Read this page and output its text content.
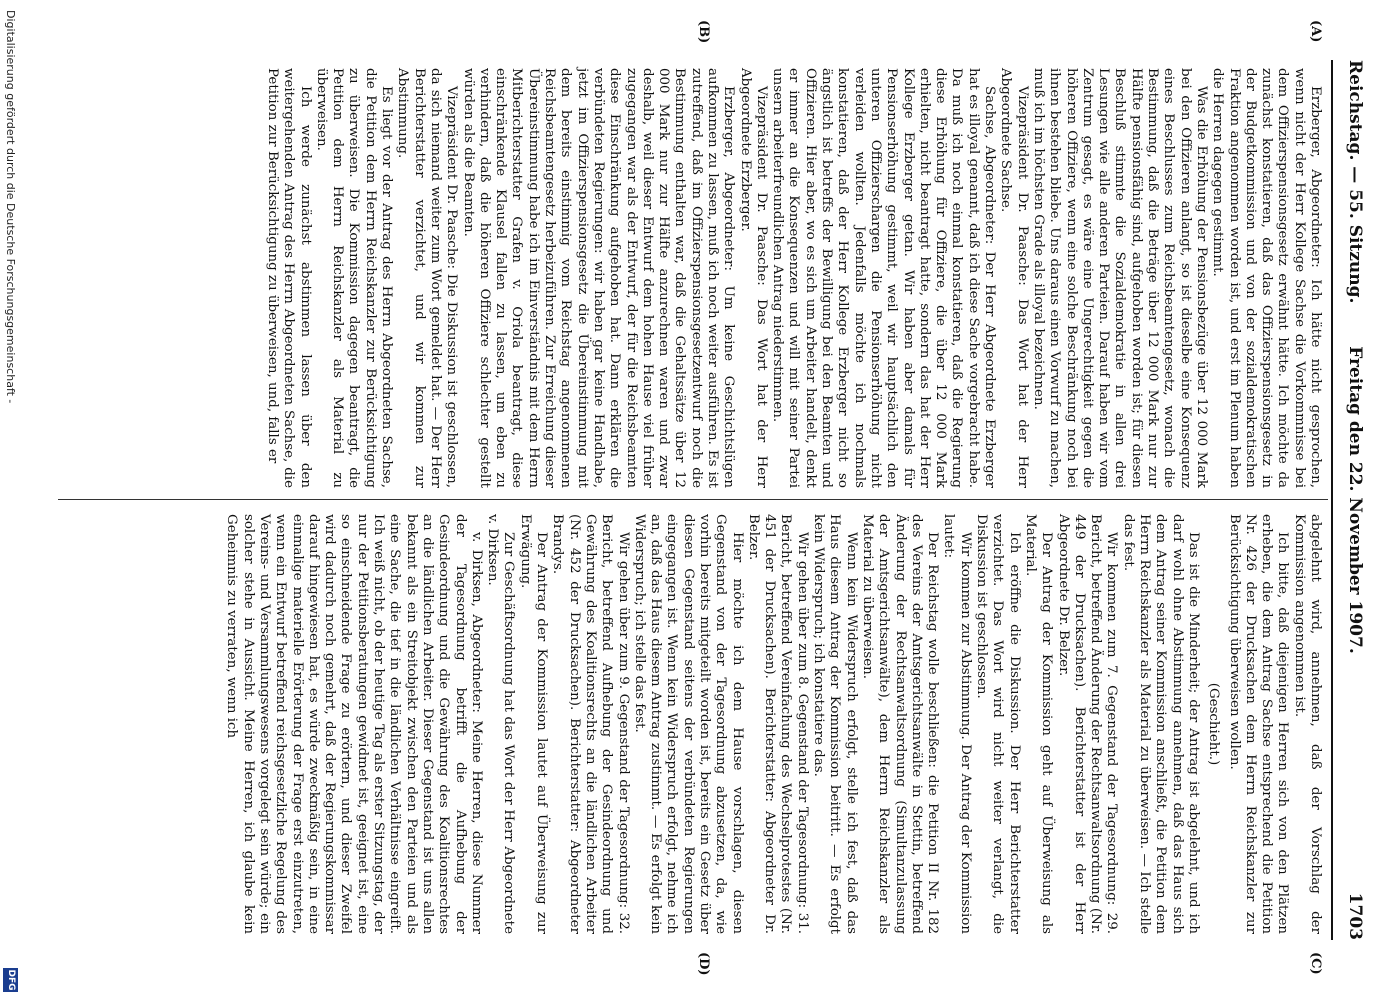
Reichstag. — 55. Sitzung.
Freitag den 22. November 1907.
1703
(A)
(B)
(C)
(D)

Erzberger, Abgeordneter: Ich hätte nicht gesprochen, wenn nicht der Herr Kollege Sachse die Vorkommnisse bei dem Offizierspensionsgesetz erwähnt hätte. Ich möchte da zunächst konstatieren, daß das Offizierspensionsgesetz in der Budgetkommission und von der sozialdemokratischen Fraktion angenommen worden ist, und erst im Plenum haben die Herren dagegen gestimmt.

Was die Erhöhung der Pensionsbezüge über 12 000 Mark bei den Offizieren anlangt, so ist dieselbe eine Konsequenz eines Beschlusses zum Reichsbeamtengesetz, wonach die Bestimmung, daß die Beträge über 12 000 Mark nur zur Hälfte pensionsfähig sind, aufgehoben worden ist; für diesen Beschluß stimmte die Sozialdemokratie in allen drei Lesungen wie alle anderen Parteien. Darauf haben wir vom Zentrum gesagt, es wäre eine Ungerechtigkeit gegen die höheren Offiziere, wenn eine solche Beschränkung noch bei ihnen bestehen bliebe. Uns daraus einen Vorwurf zu machen, muß ich im höchsten Grade als illoyal bezeichnen.

Vizepräsident Dr. Paasche: Das Wort hat der Herr Abgeordnete Sachse.

Sachse, Abgeordneter: Der Herr Abgeordnete Erzberger hat es illoyal genannt, daß ich diese Sache vorgebracht habe. Da muß ich noch einmal konstatieren, daß die Regierung diese Erhöhung für Offiziere, die über 12 000 Mark erhielten, nicht beantragt hatte, sondern das hat der Herr Kollege Erzberger getan. Wir haben aber damals für Pensionserhöhung gestimmt, weil wir hauptsächlich den unteren Offizierschargen die Pensionserhöhung nicht verleiden wollten. Jedenfalls möchte ich nochmals konstatieren, daß der Herr Kollege Erzberger nicht so ängstlich ist betreffs der Bewilligung bei den Beamten und Offizieren. Hier aber, wo es sich um Arbeiter handelt, denkt er immer an die Konsequenzen und will mit seiner Partei unsern arbeiterfreundlichen Antrag niederstimmen.

Vizepräsident Dr. Paasche: Das Wort hat der Herr Abgeordnete Erzberger.

Erzberger, Abgeordneter: Um keine Geschichtslügen aufkommen zu lassen, muß ich noch weiter ausführen. Es ist zutreffend, daß im Offizierspensionsgesetzentwurf noch die Bestimmung enthalten war, daß die Gehaltssätze über 12 000 Mark nur zur Hälfte anzurechnen waren und zwar deshalb, weil dieser Entwurf dem hohen Hause viel früher zugegangen war als der Entwurf, der für die Reichsbeamten diese Einschränkung aufgehoben hat. Dann erklären die verbündeten Regierungen: wir haben gar keine Handhabe, jetzt im Offizierspensionsgesetz die Übereinstimmung mit dem bereits einstimmig vom Reichstag angenommenen Reichsbeamtengesetz herbeizuführen. Zur Erreichung dieser Übereinstimmung habe ich im Einverständnis mit dem Herrn Mitberichterstatter Grafen v. Oriola beantragt, diese einschränkende Klausel fallen zu lassen, um eben zu verhindern, daß die höheren Offiziere schlechter gestellt würden als die Beamten.

Vizepräsident Dr. Paasche: Die Diskussion ist geschlossen, da sich niemand weiter zum Wort gemeldet hat. — Der Herr Berichterstatter verzichtet, und wir kommen zur Abstimmung.

Es liegt vor der Antrag des Herrn Abgeordneten Sachse, die Petition dem Herrn Reichskanzler zur Berücksichtigung zu überweisen. Die Kommission dagegen beantragt, die Petition dem Herrn Reichskanzler als Material zu überweisen.

Ich werde zunächst abstimmen lassen über den weitergehenden Antrag des Herrn Abgeordneten Sachse, die Petition zur Berücksichtigung zu überweisen, und, falls er

abgelehnt wird, annehmen, daß der Vorschlag der Kommission angenommen ist.

Ich bitte, daß diejenigen Herren sich von den Plätzen erheben, die dem Antrag Sachse entsprechend die Petition Nr. 426 der Drucksachen dem Herrn Reichskanzler zur Berücksichtigung überweisen wollen.

(Geschieht.)

Das ist die Minderheit; der Antrag ist abgelehnt, und ich darf wohl ohne Abstimmung annehmen, daß das Haus sich dem Antrag seiner Kommission anschließt, die Petition dem Herrn Reichskanzler als Material zu überweisen. — Ich stelle das fest.

Wir kommen zum 7. Gegenstand der Tagesordnung: 29. Bericht, betreffend Änderung der Rechtsanwaltsordnung (Nr. 449 der Drucksachen). Berichterstatter ist der Herr Abgeordnete Dr. Belzer.

Der Antrag der Kommission geht auf Überweisung als Material.

Ich eröffne die Diskussion. Der Herr Berichterstatter verzichtet. Das Wort wird nicht weiter verlangt, die Diskussion ist geschlossen.

Wir kommen zur Abstimmung. Der Antrag der Kommission lautet:

Der Reichstag wolle beschließen: die Petition II Nr. 182 des Vereins der Amtsgerichtsanwälte in Stettin, betreffend Änderung der Rechtsanwaltsordnung (Simultanzulassung der Amtsgerichtsanwälte), dem Herrn Reichskanzler als Material zu überweisen.

Wenn kein Widerspruch erfolgt, stelle ich fest, daß das Haus diesem Antrag der Kommission beitritt. — Es erfolgt kein Widerspruch; ich konstatiere das.

Wir gehen über zum 8. Gegenstand der Tagesordnung: 31. Bericht, betreffend Vereinfachung des Wechselprotestes (Nr. 451 der Drucksachen). Berichterstatter: Abgeordneter Dr. Belzer.

Hier möchte ich dem Hause vorschlagen, diesen Gegenstand von der Tagesordnung abzusetzen, da, wie vorhin bereits mitgeteilt worden ist, bereits ein Gesetz über diesen Gegenstand seitens der verbündeten Regierungen eingegangen ist. Wenn kein Widerspruch erfolgt, nehme ich an, daß das Haus diesem Antrag zustimmt. — Es erfolgt kein Widerspruch; ich stelle das fest.

Wir gehen über zum 9. Gegenstand der Tagesordnung: 32. Bericht, betreffend Aufhebung der Gesindeordnung und Gewährung des Koalitionsrechts an die ländlichen Arbeiter (Nr. 452 der Drucksachen). Berichterstatter: Abgeordneter Brandys.

Der Antrag der Kommission lautet auf Überweisung zur Erwägung.

Zur Geschäftsordnung hat das Wort der Herr Abgeordnete v. Dirksen.

v. Dirksen, Abgeordneter: Meine Herren, diese Nummer der Tagesordnung betrifft die Aufhebung der Gesindeordnung und die Gewährung des Koalitionsrechtes an die ländlichen Arbeiter. Dieser Gegenstand ist uns allen bekannt als ein Streitobjekt zwischen den Parteien und als eine Sache, die tief in die ländlichen Verhältnisse eingreift. Ich weiß nicht, ob der heutige Tag als erster Sitzungstag, der nur der Petitionsberatungen gewidmet ist, geeignet ist, eine so einschneidende Frage zu erörtern, und dieser Zweifel wird dadurch noch gemehrt, daß der Regierungskommissar darauf hingewiesen hat, es würde zweckmäßig sein, in eine einmalige materielle Erörterung der Frage erst einzutreten, wenn ein Entwurf betreffend reichsgesetzliche Regelung des Vereins- und Versammlungswesens vorgelegt sein würde; ein solcher stehe in Aussicht. Meine Herren, ich glaube kein Geheimnis zu verraten, wenn ich

Digitalisierung gefördert durch die Deutsche Forschungsgemeinschaft -
DFG
